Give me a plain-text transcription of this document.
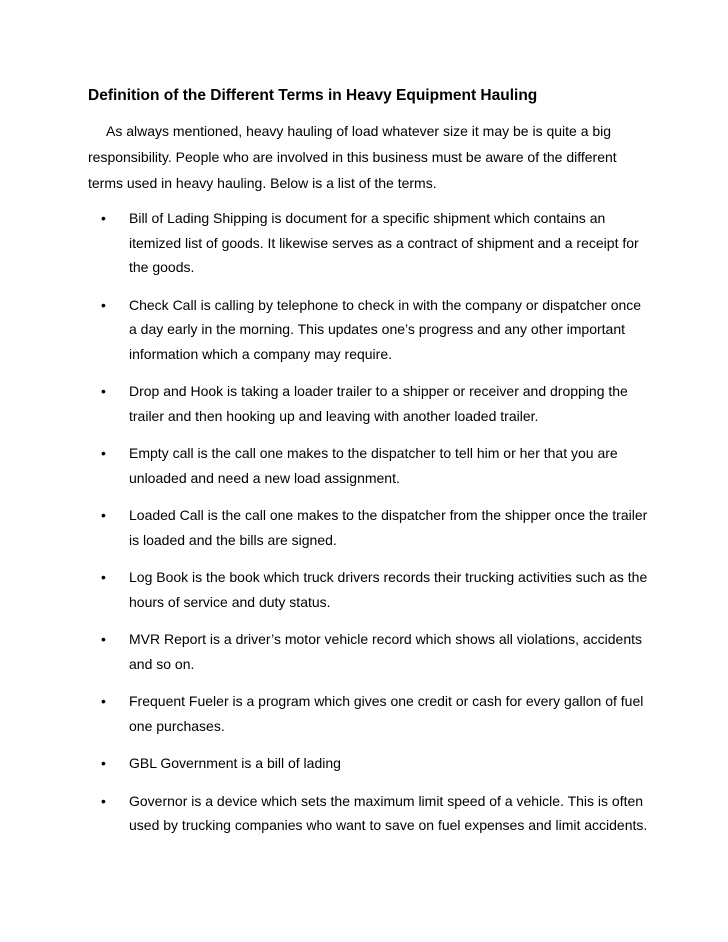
Definition of the Different Terms in Heavy Equipment Hauling

As always mentioned, heavy hauling of load whatever size it may be is quite a big responsibility. People who are involved in this business must be aware of the different terms used in heavy hauling. Below is a list of the terms.

• Bill of Lading Shipping is document for a specific shipment which contains an itemized list of goods. It likewise serves as a contract of shipment and a receipt for the goods.
• Check Call is calling by telephone to check in with the company or dispatcher once a day early in the morning. This updates one’s progress and any other important information which a company may require.
• Drop and Hook is taking a loader trailer to a shipper or receiver and dropping the trailer and then hooking up and leaving with another loaded trailer.
• Empty call is the call one makes to the dispatcher to tell him or her that you are unloaded and need a new load assignment.
• Loaded Call is the call one makes to the dispatcher from the shipper once the trailer is loaded and the bills are signed.
• Log Book is the book which truck drivers records their trucking activities such as the hours of service and duty status.
• MVR Report is a driver’s motor vehicle record which shows all violations, accidents and so on.
• Frequent Fueler is a program which gives one credit or cash for every gallon of fuel one purchases.
• GBL Government is a bill of lading
• Governor is a device which sets the maximum limit speed of a vehicle. This is often used by trucking companies who want to save on fuel expenses and limit accidents.
